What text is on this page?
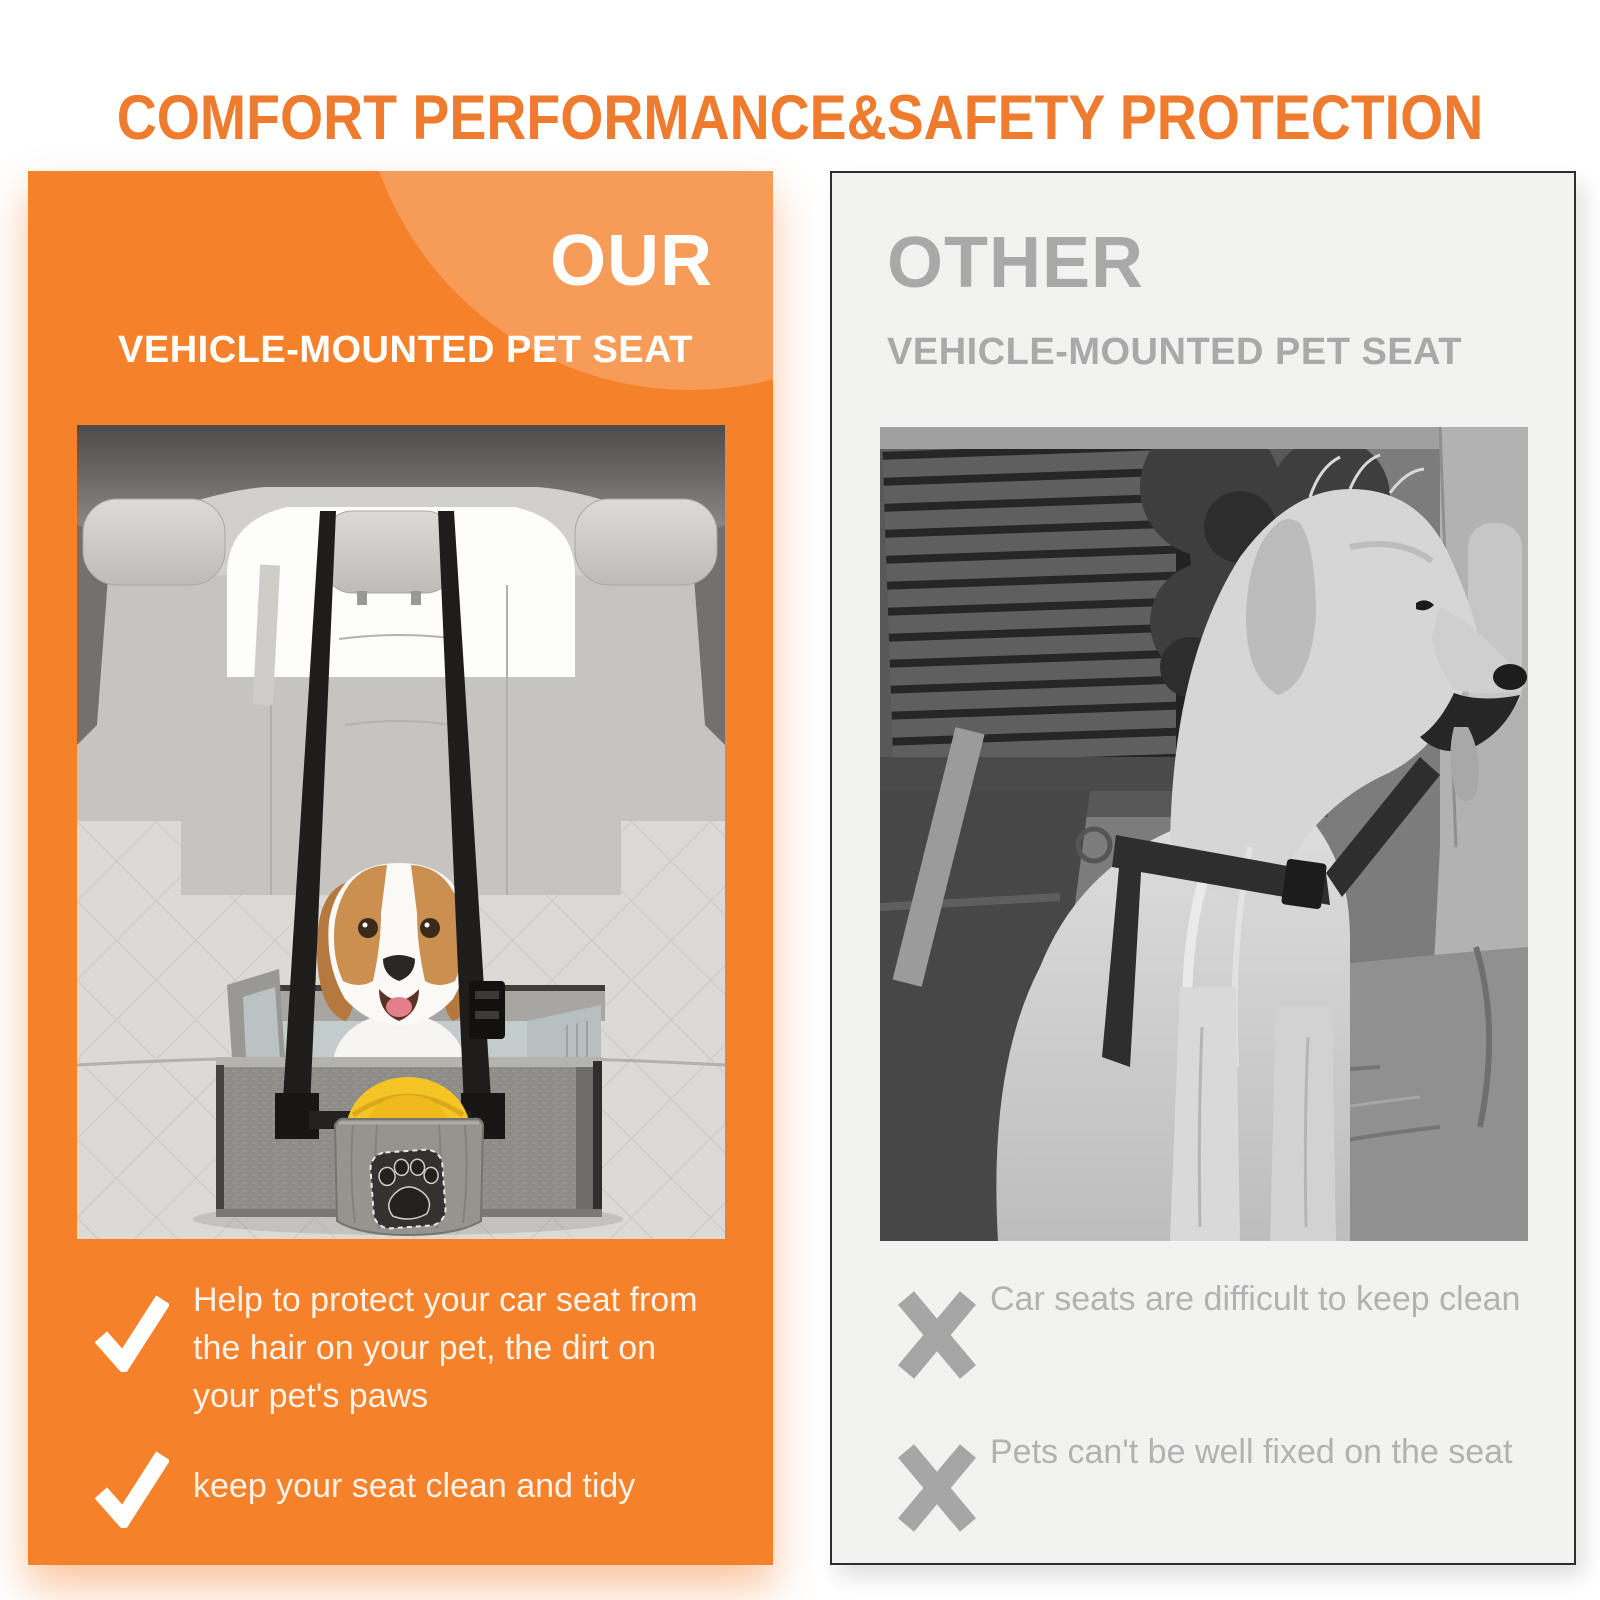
COMFORT PERFORMANCE&SAFETY PROTECTION
OUR
VEHICLE-MOUNTED PET SEAT
Help to protect your car seat from the hair on your pet, the dirt on your pet's paws
keep your seat clean and tidy
OTHER
VEHICLE-MOUNTED PET SEAT
Car seats are difficult to keep clean
Pets can't be well fixed on the seat
